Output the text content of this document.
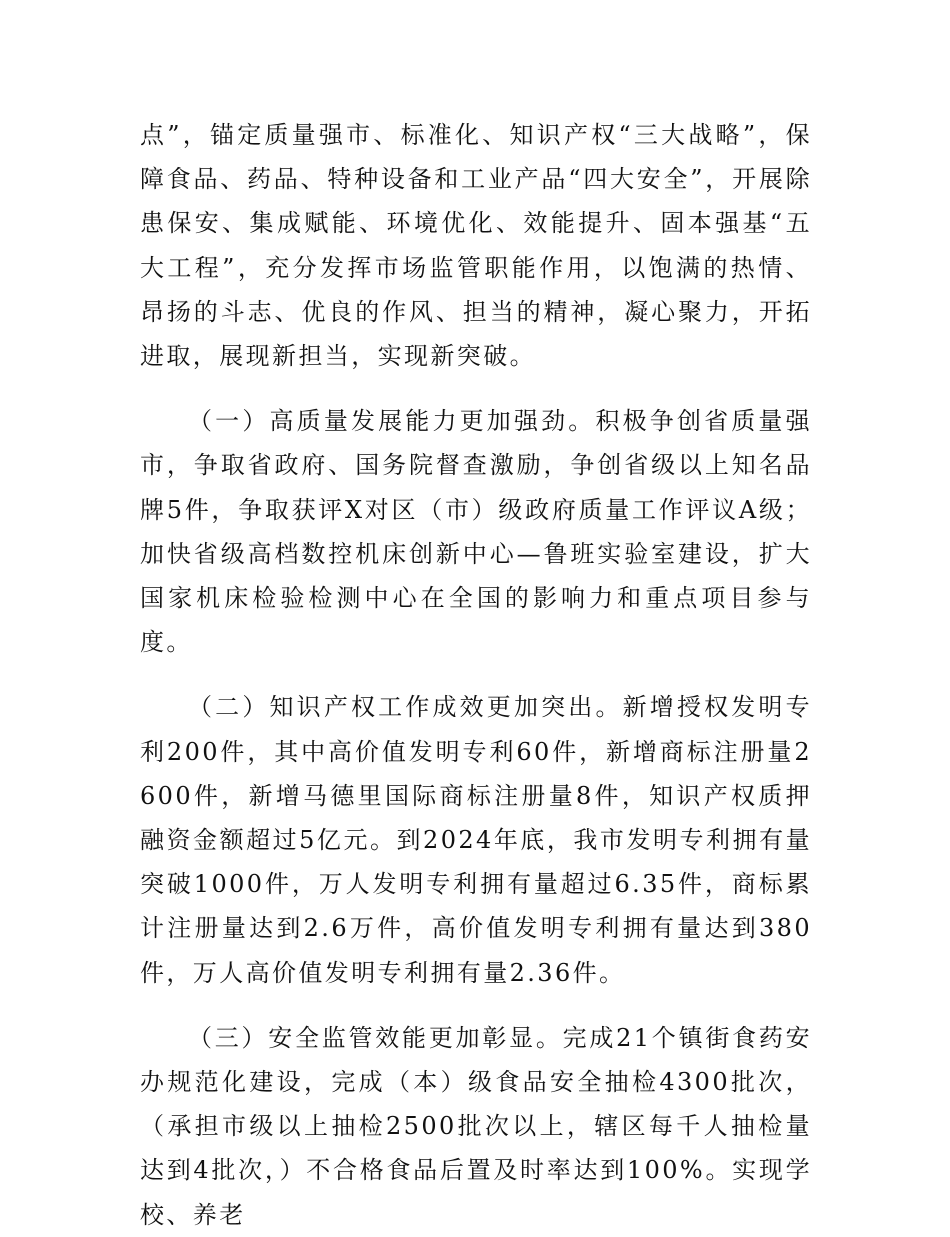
点”，锚定质量强市、标准化、知识产权“三大战略”，保障食品、药品、特种设备和工业产品“四大安全”，开展除患保安、集成赋能、环境优化、效能提升、固本强基“五大工程”，充分发挥市场监管职能作用，以饱满的热情、昂扬的斗志、优良的作风、担当的精神，凝心聚力，开拓进取，展现新担当，实现新突破。

（一）高质量发展能力更加强劲。积极争创省质量强市，争取省政府、国务院督查激励，争创省级以上知名品牌5件，争取获评X对区（市）级政府质量工作评议A级；加快省级高档数控机床创新中心—鲁班实验室建设，扩大国家机床检验检测中心在全国的影响力和重点项目参与度。

（二）知识产权工作成效更加突出。新增授权发明专利200件，其中高价值发明专利60件，新增商标注册量2600件，新增马德里国际商标注册量8件，知识产权质押融资金额超过5亿元。到2024年底，我市发明专利拥有量突破1000件，万人发明专利拥有量超过6.35件，商标累计注册量达到2.6万件，高价值发明专利拥有量达到380件，万人高价值发明专利拥有量2.36件。

（三）安全监管效能更加彰显。完成21个镇街食药安办规范化建设，完成（本）级食品安全抽检4300批次，（承担市级以上抽检2500批次以上，辖区每千人抽检量达到4批次，）不合格食品后置及时率达到100%。实现学校、养老
